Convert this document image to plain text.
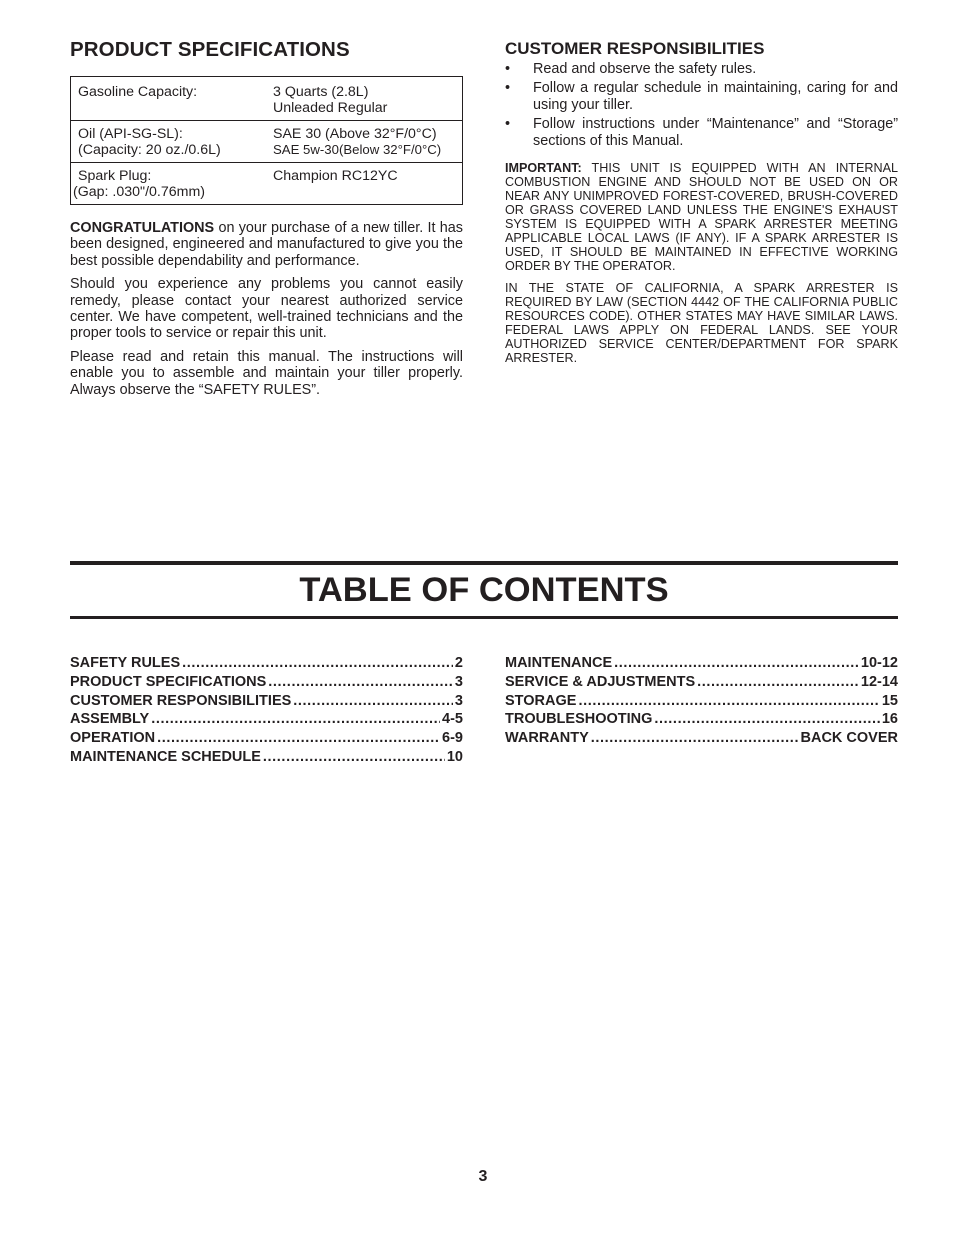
PRODUCT SPECIFICATIONS
Gasoline Capacity:	3 Quarts (2.8L)
Unleaded Regular
Oil (API-SG-SL):
(Capacity: 20 oz./0.6L)	SAE 30 (Above 32°F/0°C)
SAE 5w-30(Below 32°F/0°C)
Spark Plug:
(Gap: .030"/0.76mm)	Champion RC12YC

CONGRATULATIONS on your purchase of a new tiller. It has been designed, engineered and manufactured to give you the best possible dependability and performance.

Should you experience any problems you cannot easily remedy, please contact your nearest authorized service center. We have competent, well-trained technicians and the proper tools to service or repair this unit.

Please read and retain this manual. The instructions will enable you to assemble and maintain your tiller properly. Always observe the “SAFETY RULES”.

CUSTOMER RESPONSIBILITIES
• Read and observe the safety rules.
• Follow a regular schedule in maintaining, caring for and using your tiller.
• Follow instructions under “Maintenance” and “Storage” sections of this Manual.

IMPORTANT: THIS UNIT IS EQUIPPED WITH AN INTERNAL COMBUSTION ENGINE AND SHOULD NOT BE USED ON OR NEAR ANY UNIMPROVED FOREST-COVERED, BRUSH-COVERED OR GRASS COVERED LAND UNLESS THE ENGINE'S EXHAUST SYSTEM IS EQUIPPED WITH A SPARK ARRESTER MEETING APPLICABLE LOCAL LAWS (IF ANY). IF A SPARK ARRESTER IS USED, IT SHOULD BE MAINTAINED IN EFFECTIVE WORKING ORDER BY THE OPERATOR.

IN THE STATE OF CALIFORNIA, A SPARK ARRESTER IS REQUIRED BY LAW (SECTION 4442 OF THE CALIFORNIA PUBLIC RESOURCES CODE). OTHER STATES MAY HAVE SIMILAR LAWS. FEDERAL LAWS APPLY ON FEDERAL LANDS. SEE YOUR AUTHORIZED SERVICE CENTER/DEPARTMENT FOR SPARK ARRESTER.

TABLE OF CONTENTS
SAFETY RULES .....	2
PRODUCT SPECIFICATIONS .....	3
CUSTOMER RESPONSIBILITIES .....	3
ASSEMBLY .....	4-5
OPERATION .....	6-9
MAINTENANCE SCHEDULE .....	10
MAINTENANCE .....	10-12
SERVICE & ADJUSTMENTS .....	12-14
STORAGE .....	15
TROUBLESHOOTING .....	16
WARRANTY .....	BACK COVER
3
